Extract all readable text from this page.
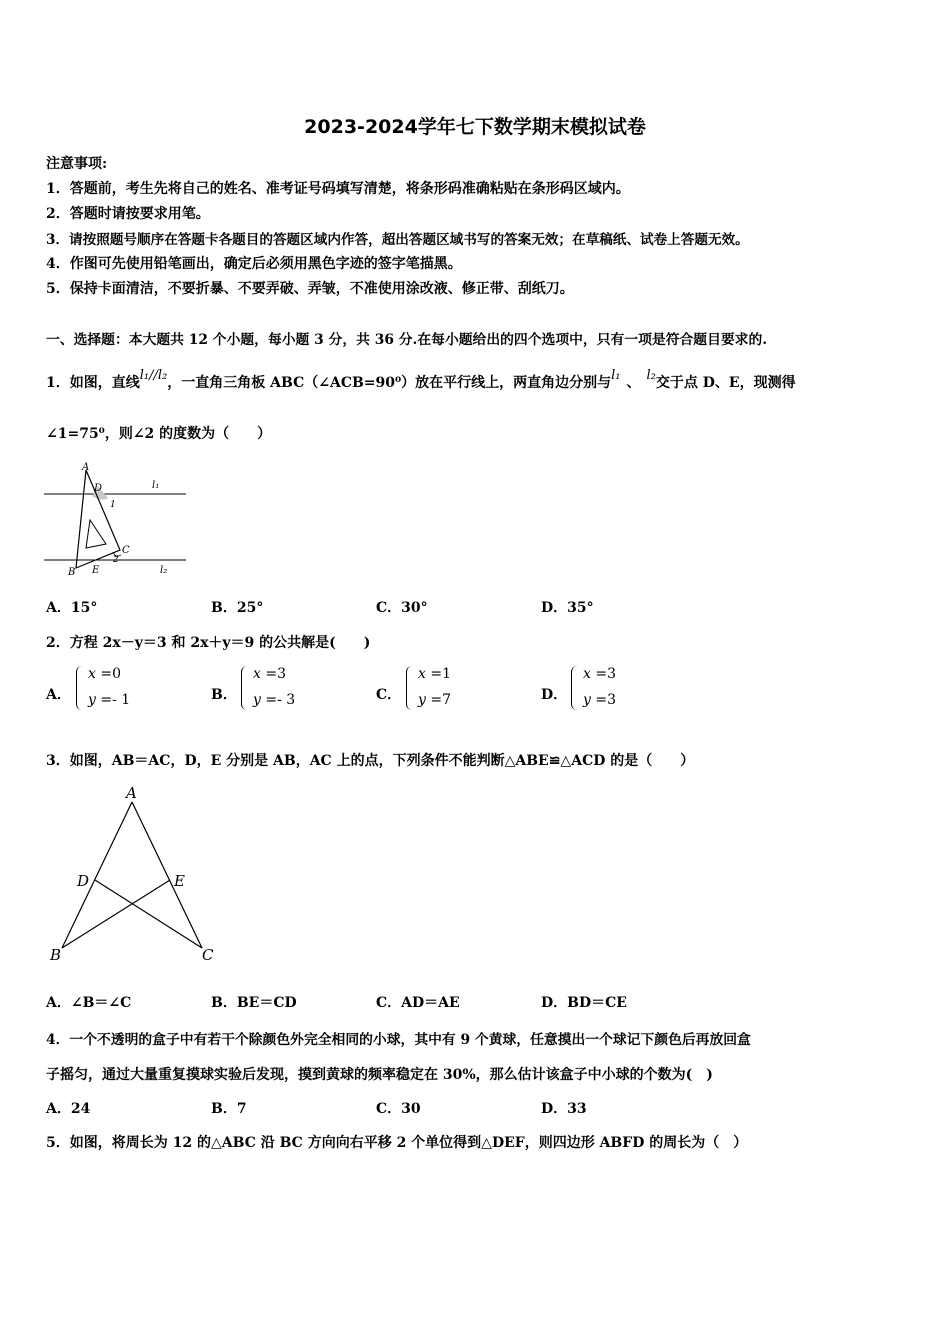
2023-2024学年七下数学期末模拟试卷
注意事项:
1．答题前，考生先将自己的姓名、准考证号码填写清楚，将条形码准确粘贴在条形码区域内。
2．答题时请按要求用笔。
3．请按照题号顺序在答题卡各题目的答题区域内作答，超出答题区域书写的答案无效；在草稿纸、试卷上答题无效。
4．作图可先使用铅笔画出，确定后必须用黑色字迹的签字笔描黑。
5．保持卡面清洁，不要折暴、不要弄破、弄皱，不准使用涂改液、修正带、刮纸刀。
一、选择题：本大题共 12 个小题，每小题 3 分，共 36 分.在每小题给出的四个选项中，只有一项是符合题目要求的.
1．如图，直线l₁//l₂，一直角三角板 ABC（∠ACB=90⁰）放在平行线上，两直角边分别与l₁ 、 l₂交于点 D、E，现测得
∠1=75⁰，则∠2 的度数为（　　）
A
D
1
l₁
C
2
B E	l₂
A．15°	B．25°	C．30°	D．35°
2．方程 2x－y＝3 和 2x＋y＝9 的公共解是(　　)
A．
x =0
y =- 1	B．
x =3
y =- 3	C．
x =1
y =7	D．
x =3
y =3
3．如图，AB＝AC，D，E 分别是 AB，AC 上的点，下列条件不能判断△ABE≌△ACD 的是（　　）
A
D	E
B	C
A．∠B＝∠C	B．BE＝CD	C．AD＝AE	D．BD＝CE
4．一个不透明的盒子中有若干个除颜色外完全相同的小球，其中有 9 个黄球，任意摸出一个球记下颜色后再放回盒
子摇匀，通过大量重复摸球实验后发现，摸到黄球的频率稳定在 30%，那么估计该盒子中小球的个数为(　)
A．24	B．7	C．30	D．33
5．如图，将周长为 12 的△ABC 沿 BC 方向向右平移 2 个单位得到△DEF，则四边形 ABFD 的周长为（　）
